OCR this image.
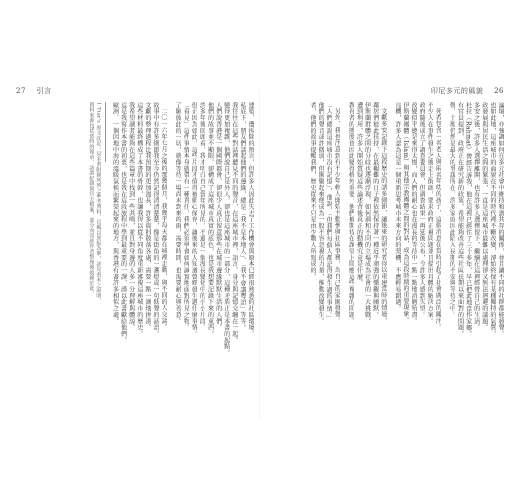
27 引言	印尼多元的風貌 26
建築、遭拆除的預言，但許多人因此失去了工作機會與原本已經很熟悉的社區環境。
私底下，朋友們談起他們的邊緣，總是「我不是本地人」、「我不會講粵語」等等。
我往往在這些對話裡聽見不同的聲音，在這座城市裡，語言、身分與記憶交纏在一起。
變得更加複雜，他們說自己是外人，卻也是這座城市的一部分，這種矛盾正是本書的起點。
人們說香港是一個國際都會，卻很少人真正留意那些在城市邊緣默默生活的人們。
他們的故事並不顯眼，卻構成了這座城市真實的底色，也是我想要記錄下來的東西。
許多年後回頭看，我才明白自己當年所見的，不過是一個漫長變化中的小小片段。
但正因為如此，這些片段才值得被細心保存，讓後來的人知道曾經發生過什麼事情。
「看見」這件事情本身就帶有一種責任，我們必須學會如何誠實地面對所見之物。
了解彼此的一切，就像等待一場尚未到來的雨，需要時間，也需要耐心與善意。
二〇一六年七月之後的那幾個月，我幾乎每天都在城裡走動，與不同的人交談。
故事中有許多細節我至今仍然記得清清楚楚，像是街角的一盞燈或一句低聲的話語。
文獻的整理過程比我預期的更加漫長，許多資料散落各處，需要一點一滴地拼湊。
這些材料最終構成了本書的骨幹，也讓我得以從不同角度重新審視這座城市的歷史。
我希望讀者能夠在這些篇章中找到一些共鳴，並且對身邊的人多一分理解與體諒。
這是我寫作本書的初衷，也是我在這段旅程中學到最重要的一課，謹以此書獻給他們。
歐洲、一個因地中海的溫暖氣候而繁榮起來的地方，與香港有著許多相似之處。
1 Tiar's 原文註記：見本書附錄所列之參考資料，頁碼以原版為準，詳見書末之說明。
資料來源包括當時的報章、訪談紀錄與官方檔案，部分內容經作者整理後收錄於此。	論壇，亦強調如何在多元社會中維持和諧共存的關係，並且讓不同的社群都能發聲。
也如此地，這座城市的面貌在不同的時代裡不斷改變，卻始終保有某種獨特的氣質。
政發展與居民生活之間的緊張，一直是這座城市最難以處理卻又無法迴避的議題。
多安之後，許多人選擇離開，也有許多人選擇留下，繼續在這裡經營自己的生活。
杜拉（Rahmat）曾經告訴我，他在這裡已經住了三十多年，早已把此地當作家鄉。
有官員提到，政府正在研究新的政策，希望能夠改善這些社區長期以來面對的問題。
聲，土地仍然是最大的爭議所在，許多家庭因此陷入長期的不安與等待之中。
死者包含一名老人與兩名年幼的孩子，這個消息在當時引起了社會廣泛的關注。
不少人在事件發生之後走上街頭，要求政府正視問題並且提出具體的解決方案。
政府隨後成立了調查委員會，但調查結果一再延後公布，令許多人感到失望。
改變似乎總是來得太慢，而人們的耐心也在漫長的等待中一點一點地消磨殆盡。
伊斯蘭團體（Islam）與其他宗教團體之間的對話，成為這段時期的重要現象。
良機，許多人認為這是一個重新思考城市未來方向的契機，不應輕易錯過。
文獻多安記錄下這段歷史的諸多細節，讓後來的研究者得以重建當時的情境。
鄰居們彼此扶持，在最艱難的日子裡依然保持著一種近乎頑強的樂觀與幽默。
伊斯蘭群體之間的分歧也逐漸浮現，如何調和不同的立場成為社會的一大挑戰。
遭到利用，許多人開始質疑這些論述背後真正的動機究竟是什麼。
教育者的態度也因此變得格外重要，他們被期待在課堂上回應這些複雜的問題。
另外，我也注意到有不少年輕人開始主動參與社區事務，為自己的家園發聲。
「人們總說這座城市沒有記憶」，他說，「但我們每個人都記得發生過的事情。」
他們的聲音或許微弱，但匯聚起來便成為一股不容忽視的力量，推動改變發生。
者，他們的故事提醒我們，歷史從來不只是由少數人所寫成的。
